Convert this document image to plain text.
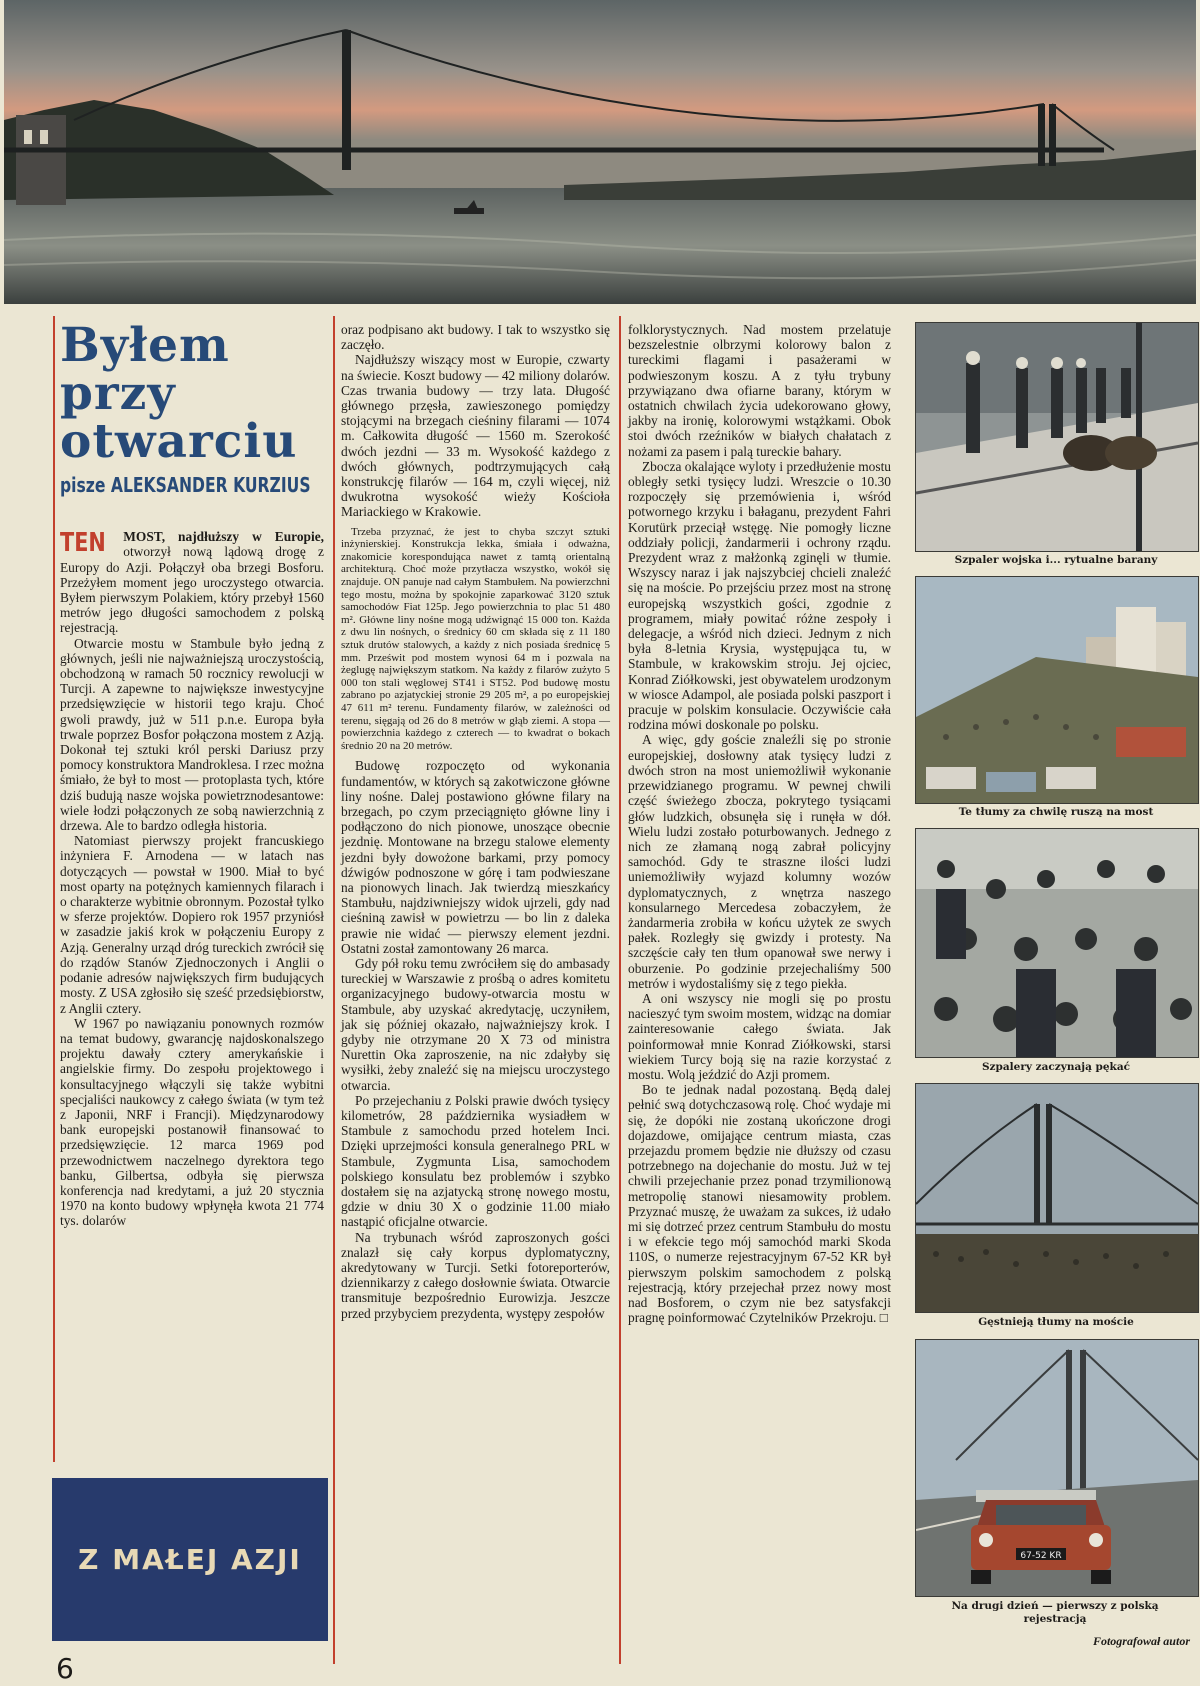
Byłem
przy
otwarciu
pisze ALEKSANDER KURZIUS

TEN MOST, najdłuższy w Europie, otworzył nową lądową drogę z Europy do Azji. Połączył oba brzegi Bosforu. Przeżyłem moment jego uroczystego otwarcia. Byłem pierwszym Polakiem, który przebył 1560 metrów jego długości samochodem z polską rejestracją.

Otwarcie mostu w Stambule było jedną z głównych, jeśli nie najważniejszą uroczystością, obchodzoną w ramach 50 rocznicy rewolucji w Turcji. A zapewne to największe inwestycyjne przedsięwzięcie w historii tego kraju. Choć gwoli prawdy, już w 511 p.n.e. Europa była trwale poprzez Bosfor połączona mostem z Azją. Dokonał tej sztuki król perski Dariusz przy pomocy konstruktora Mandroklesa. I rzec można śmiało, że był to most — protoplasta tych, które dziś budują nasze wojska powietrznodesantowe: wiele łodzi połączonych ze sobą nawierzchnią z drzewa. Ale to bardzo odległa historia.

Natomiast pierwszy projekt francuskiego inżyniera F. Arnodena — w latach nas dotyczących — powstał w 1900. Miał to być most oparty na potężnych kamiennych filarach i o charakterze wybitnie obronnym. Pozostał tylko w sferze projektów. Dopiero rok 1957 przyniósł w zasadzie jakiś krok w połączeniu Europy z Azją. Generalny urząd dróg tureckich zwrócił się do rządów Stanów Zjednoczonych i Anglii o podanie adresów największych firm budujących mosty. Z USA zgłosiło się sześć przedsiębiorstw, z Anglii cztery.

W 1967 po nawiązaniu ponownych rozmów na temat budowy, gwarancję najdoskonalszego projektu dawały cztery amerykańskie i angielskie firmy. Do zespołu projektowego i konsultacyjnego włączyli się także wybitni specjaliści naukowcy z całego świata (w tym też z Japonii, NRF i Francji). Międzynarodowy bank europejski postanowił finansować to przedsięwzięcie. 12 marca 1969 pod przewodnictwem naczelnego dyrektora tego banku, Gilbertsa, odbyła się pierwsza konferencja nad kredytami, a już 20 stycznia 1970 na konto budowy wpłynęła kwota 21 774 tys. dolarów

oraz podpisano akt budowy. I tak to wszystko się zaczęło.

Najdłuższy wiszący most w Europie, czwarty na świecie. Koszt budowy — 42 miliony dolarów. Czas trwania budowy — trzy lata. Długość głównego przęsła, zawieszonego pomiędzy stojącymi na brzegach cieśniny filarami — 1074 m. Całkowita długość — 1560 m. Szerokość dwóch jezdni — 33 m. Wysokość każdego z dwóch głównych, podtrzymujących całą konstrukcję filarów — 164 m, czyli więcej, niż dwukrotna wysokość wieży Kościoła Mariackiego w Krakowie.

Trzeba przyznać, że jest to chyba szczyt sztuki inżynierskiej. Konstrukcja lekka, śmiała i odważna, znakomicie korespondująca nawet z tamtą orientalną architekturą. Choć może przytłacza wszystko, wokół się znajduje. ON panuje nad całym Stambułem. Na powierzchni tego mostu, można by spokojnie zaparkować 3120 sztuk samochodów Fiat 125p. Jego powierzchnia to plac 51 480 m². Główne liny nośne mogą udźwignąć 15 000 ton. Każda z dwu lin nośnych, o średnicy 60 cm składa się z 11 180 sztuk drutów stalowych, a każdy z nich posiada średnicę 5 mm. Prześwit pod mostem wynosi 64 m i pozwala na żeglugę największym statkom. Na każdy z filarów zużyto 5 000 ton stali węglowej ST41 i ST52. Pod budowę mostu zabrano po azjatyckiej stronie 29 205 m², a po europejskiej 47 611 m² terenu. Fundamenty filarów, w zależności od terenu, sięgają od 26 do 8 metrów w głąb ziemi. A stopa — powierzchnia każdego z czterech — to kwadrat o bokach średnio 20 na 20 metrów.

Budowę rozpoczęto od wykonania fundamentów, w których są zakotwiczone główne liny nośne. Dalej postawiono główne filary na brzegach, po czym przeciągnięto główne liny i podłączono do nich pionowe, unoszące obecnie jezdnię. Montowane na brzegu stalowe elementy jezdni były dowożone barkami, przy pomocy dźwigów podnoszone w górę i tam podwieszane na pionowych linach. Jak twierdzą mieszkańcy Stambułu, najdziwniejszy widok ujrzeli, gdy nad cieśniną zawisł w powietrzu — bo lin z daleka prawie nie widać — pierwszy element jezdni. Ostatni został zamontowany 26 marca.

Gdy pół roku temu zwróciłem się do ambasady tureckiej w Warszawie z prośbą o adres komitetu organizacyjnego budowy-otwarcia mostu w Stambule, aby uzyskać akredytację, uczyniłem, jak się później okazało, najważniejszy krok. I gdyby nie otrzymane 20 X 73 od ministra Nurettin Oka zaproszenie, na nic zdałyby się wysiłki, żeby znaleźć się na miejscu uroczystego otwarcia.

Po przejechaniu z Polski prawie dwóch tysięcy kilometrów, 28 października wysiadłem w Stambule z samochodu przed hotelem Inci. Dzięki uprzejmości konsula generalnego PRL w Stambule, Zygmunta Lisa, samochodem polskiego konsulatu bez problemów i szybko dostałem się na azjatycką stronę nowego mostu, gdzie w dniu 30 X o godzinie 11.00 miało nastąpić oficjalne otwarcie.

Na trybunach wśród zaproszonych gości znalazł się cały korpus dyplomatyczny, akredytowany w Turcji. Setki fotoreporterów, dziennikarzy z całego dosłownie świata. Otwarcie transmituje bezpośrednio Eurowizja. Jeszcze przed przybyciem prezydenta, występy zespołów

folklorystycznych. Nad mostem przelatuje bezszelestnie olbrzymi kolorowy balon z tureckimi flagami i pasażerami w podwieszonym koszu. A z tyłu trybuny przywiązano dwa ofiarne barany, którym w ostatnich chwilach życia udekorowano głowy, jakby na ironię, kolorowymi wstążkami. Obok stoi dwóch rzeźników w białych chałatach z nożami za pasem i palą tureckie bahary.

Zbocza okalające wyloty i przedłużenie mostu obległy setki tysięcy ludzi. Wreszcie o 10.30 rozpoczęły się przemówienia i, wśród potwornego krzyku i bałaganu, prezydent Fahri Korutürk przeciął wstęgę. Nie pomogły liczne oddziały policji, żandarmerii i ochrony rządu. Prezydent wraz z małżonką zginęli w tłumie. Wszyscy naraz i jak najszybciej chcieli znaleźć się na moście. Po przejściu przez most na stronę europejską wszystkich gości, zgodnie z programem, miały powitać różne zespoły i delegacje, a wśród nich dzieci. Jednym z nich była 8-letnia Krysia, występująca tu, w Stambule, w krakowskim stroju. Jej ojciec, Konrad Ziółkowski, jest obywatelem urodzonym w wiosce Adampol, ale posiada polski paszport i pracuje w polskim konsulacie. Oczywiście cała rodzina mówi doskonale po polsku.

A więc, gdy goście znaleźli się po stronie europejskiej, dosłowny atak tysięcy ludzi z dwóch stron na most uniemożliwił wykonanie przewidzianego programu. W pewnej chwili część świeżego zbocza, pokrytego tysiącami głów ludzkich, obsunęła się i runęła w dół. Wielu ludzi zostało poturbowanych. Jednego z nich ze złamaną nogą zabrał policyjny samochód. Gdy te straszne ilości ludzi uniemożliwiły wyjazd kolumny wozów dyplomatycznych, z wnętrza naszego konsularnego Mercedesa zobaczyłem, że żandarmeria zrobiła w końcu użytek ze swych pałek. Rozległy się gwizdy i protesty. Na szczęście cały ten tłum opanował swe nerwy i oburzenie. Po godzinie przejechaliśmy 500 metrów i wydostaliśmy się z tego piekła.

A oni wszyscy nie mogli się po prostu nacieszyć tym swoim mostem, widząc na domiar zainteresowanie całego świata. Jak poinformował mnie Konrad Ziółkowski, starsi wiekiem Turcy boją się na razie korzystać z mostu. Wolą jeździć do Azji promem.

Bo te jednak nadal pozostaną. Będą dalej pełnić swą dotychczasową rolę. Choć wydaje mi się, że dopóki nie zostaną ukończone drogi dojazdowe, omijające centrum miasta, czas przejazdu promem będzie nie dłuższy od czasu potrzebnego na dojechanie do mostu. Już w tej chwili przejechanie przez ponad trzymilionową metropolię stanowi niesamowity problem. Przyznać muszę, że uważam za sukces, iż udało mi się dotrzeć przez centrum Stambułu do mostu i w efekcie tego mój samochód marki Skoda 110S, o numerze rejestracyjnym 67-52 KR był pierwszym polskim samochodem z polską rejestracją, który przejechał przez nowy most nad Bosforem, o czym nie bez satysfakcji pragnę poinformować Czytelników Przekroju. □

Z MAŁEJ AZJI
6
Szpaler wojska i... rytualne barany
Te tłumy za chwilę ruszą na most
Szpalery zaczynają pękać
Gęstnieją tłumy na moście
67-52 KR
Na drugi dzień — pierwszy z polską rejestracją
Fotografował autor
